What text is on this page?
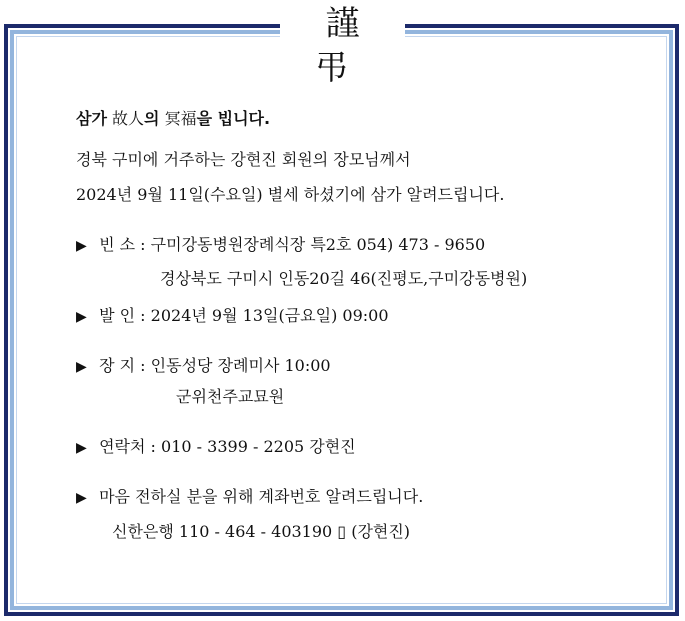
謹 弔
삼가 故人의 冥福을 빕니다.
경북 구미에 거주하는 강현진 회원의 장모님께서
2024년 9월 11일(수요일) 별세 하셨기에 삼가 알려드립니다.
▶ 빈 소 : 구미강동병원장례식장 특2호 054) 473 - 9650
경상북도 구미시 인동20길 46(진평도,구미강동병원)
▶ 발 인 : 2024년 9월 13일(금요일) 09:00
▶ 장 지 : 인동성당 장례미사 10:00
군위천주교묘원
▶ 연락처 : 010 - 3399 - 2205 강현진
▶ 마음 전하실 분을 위해 계좌번호 알려드립니다.
신한은행 110 - 464 - 403190 ▯ (강현진)
